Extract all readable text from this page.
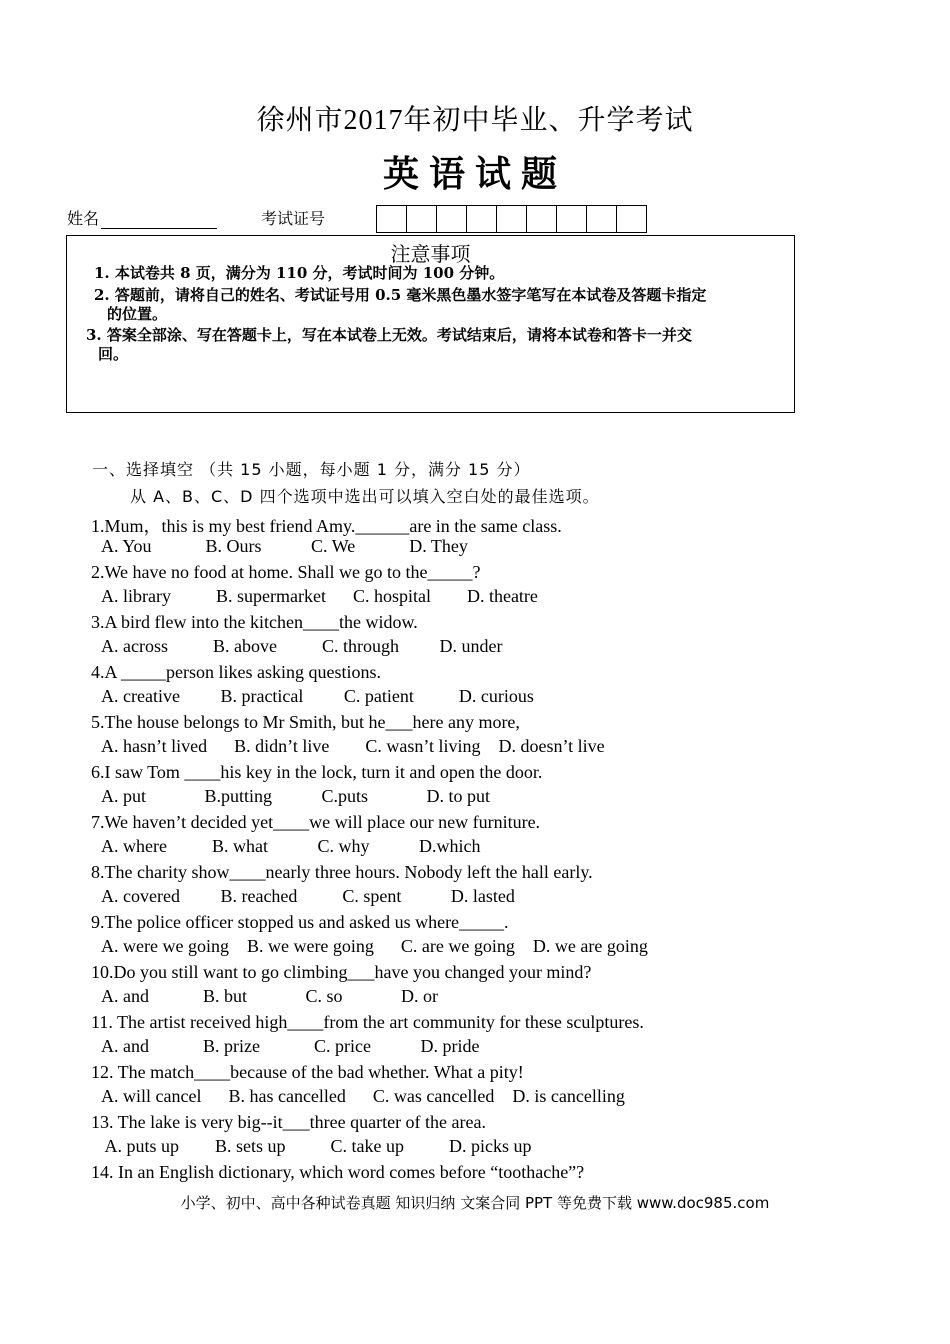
徐州市2017年初中毕业、升学考试
英语试题
姓名	考试证号
注意事项
1. 本试卷共 8 页，满分为 110 分，考试时间为 100 分钟。
2. 答题前，请将自己的姓名、考试证号用 0.5 毫米黑色墨水签字笔写在本试卷及答题卡指定
的位置。
3. 答案全部涂、写在答题卡上，写在本试卷上无效。考试结束后，请将本试卷和答卡一并交
回。
一、选择填空 （共 15 小题，每小题 1 分，满分 15 分）
从 A、B、C、D 四个选项中选出可以填入空白处的最佳选项。
1.Mum，this is my best friend Amy.______are in the same class.
A. You            B. Ours           C. We            D. They
2.We have no food at home. Shall we go to the_____?
A. library          B. supermarket      C. hospital        D. theatre
3.A bird flew into the kitchen____the widow.
A. across          B. above          C. through         D. under
4.A _____person likes asking questions.
A. creative         B. practical         C. patient          D. curious
5.The house belongs to Mr Smith, but he___here any more,
A. hasn’t lived      B. didn’t live        C. wasn’t living    D. doesn’t live
6.I saw Tom ____his key in the lock, turn it and open the door.
A. put             B.putting           C.puts             D. to put
7.We haven’t decided yet____we will place our new furniture.
A. where          B. what           C. why           D.which
8.The charity show____nearly three hours. Nobody left the hall early.
A. covered         B. reached          C. spent           D. lasted
9.The police officer stopped us and asked us where_____.
A. were we going    B. we were going      C. are we going    D. we are going
10.Do you still want to go climbing___have you changed your mind?
A. and            B. but             C. so             D. or
11. The artist received high____from the art community for these sculptures.
A. and            B. prize            C. price           D. pride
12. The match____because of the bad whether. What a pity!
A. will cancel      B. has cancelled      C. was cancelled    D. is cancelling
13. The lake is very big--it___three quarter of the area.
A. puts up        B. sets up          C. take up          D. picks up
14. In an English dictionary, which word comes before “toothache”?
小学、初中、高中各种试卷真题 知识归纳 文案合同 PPT 等免费下载 www.doc985.com
